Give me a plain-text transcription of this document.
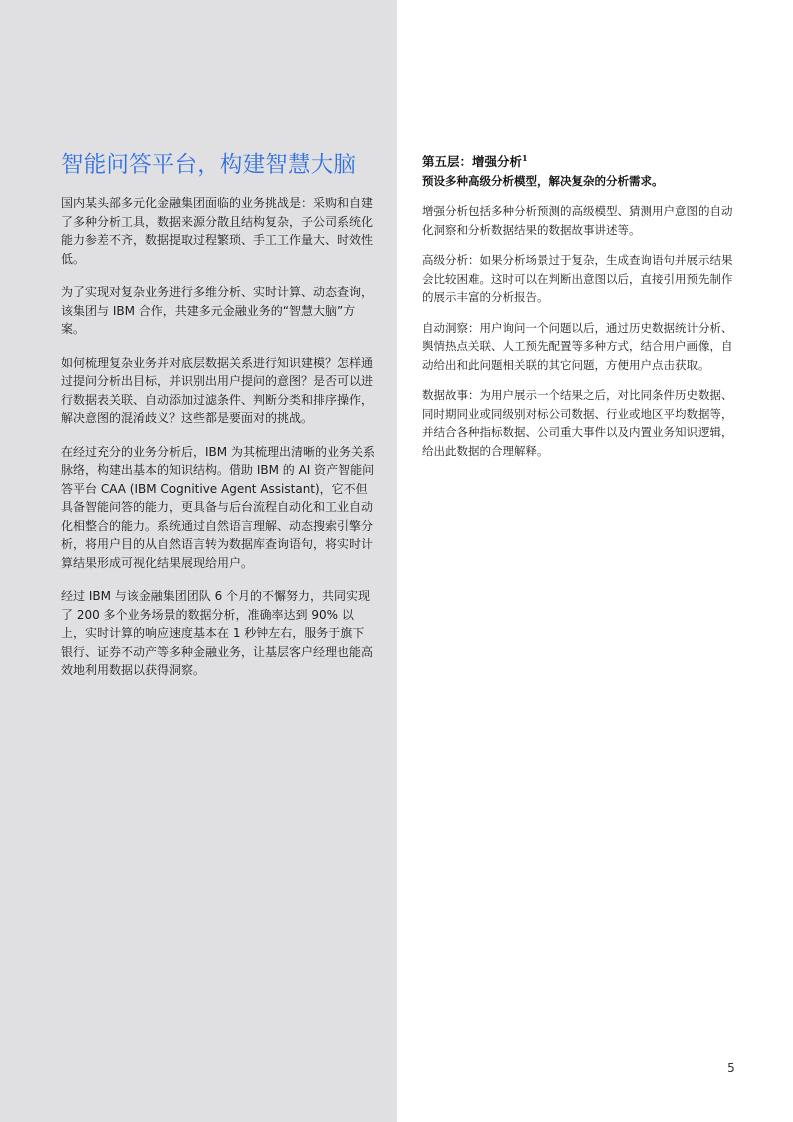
智能问答平台，构建智慧大脑

国内某头部多元化金融集团面临的业务挑战是：采购和自建了多种分析工具，数据来源分散且结构复杂，子公司系统化能力参差不齐，数据提取过程繁琐、手工工作量大、时效性低。

为了实现对复杂业务进行多维分析、实时计算、动态查询，该集团与 IBM 合作，共建多元金融业务的“智慧大脑”方案。

如何梳理复杂业务并对底层数据关系进行知识建模？怎样通过提问分析出目标，并识别出用户提问的意图？是否可以进行数据表关联、自动添加过滤条件、判断分类和排序操作，解决意图的混淆歧义？这些都是要面对的挑战。

在经过充分的业务分析后，IBM 为其梳理出清晰的业务关系脉络，构建出基本的知识结构。借助 IBM 的 AI 资产智能问答平台 CAA (IBM Cognitive Agent Assistant)，它不但具备智能问答的能力，更具备与后台流程自动化和工业自动化相整合的能力。系统通过自然语言理解、动态搜索引擎分析，将用户目的从自然语言转为数据库查询语句，将实时计算结果形成可视化结果展现给用户。

经过 IBM 与该金融集团团队 6 个月的不懈努力，共同实现了 200 多个业务场景的数据分析，准确率达到 90% 以上，实时计算的响应速度基本在 1 秒钟左右，服务于旗下银行、证券不动产等多种金融业务，让基层客户经理也能高效地利用数据以获得洞察。

第五层：增强分析$^1$

预设多种高级分析模型，解决复杂的分析需求。

增强分析包括多种分析预测的高级模型、猜测用户意图的自动化洞察和分析数据结果的数据故事讲述等。

高级分析：如果分析场景过于复杂，生成查询语句并展示结果会比较困难。这时可以在判断出意图以后，直接引用预先制作的展示丰富的分析报告。

自动洞察：用户询问一个问题以后，通过历史数据统计分析、舆情热点关联、人工预先配置等多种方式，结合用户画像，自动给出和此问题相关联的其它问题，方便用户点击获取。

数据故事：为用户展示一个结果之后，对比同条件历史数据、同时期同业或同级别对标公司数据、行业或地区平均数据等，并结合各种指标数据、公司重大事件以及内置业务知识逻辑，给出此数据的合理解释。

5
